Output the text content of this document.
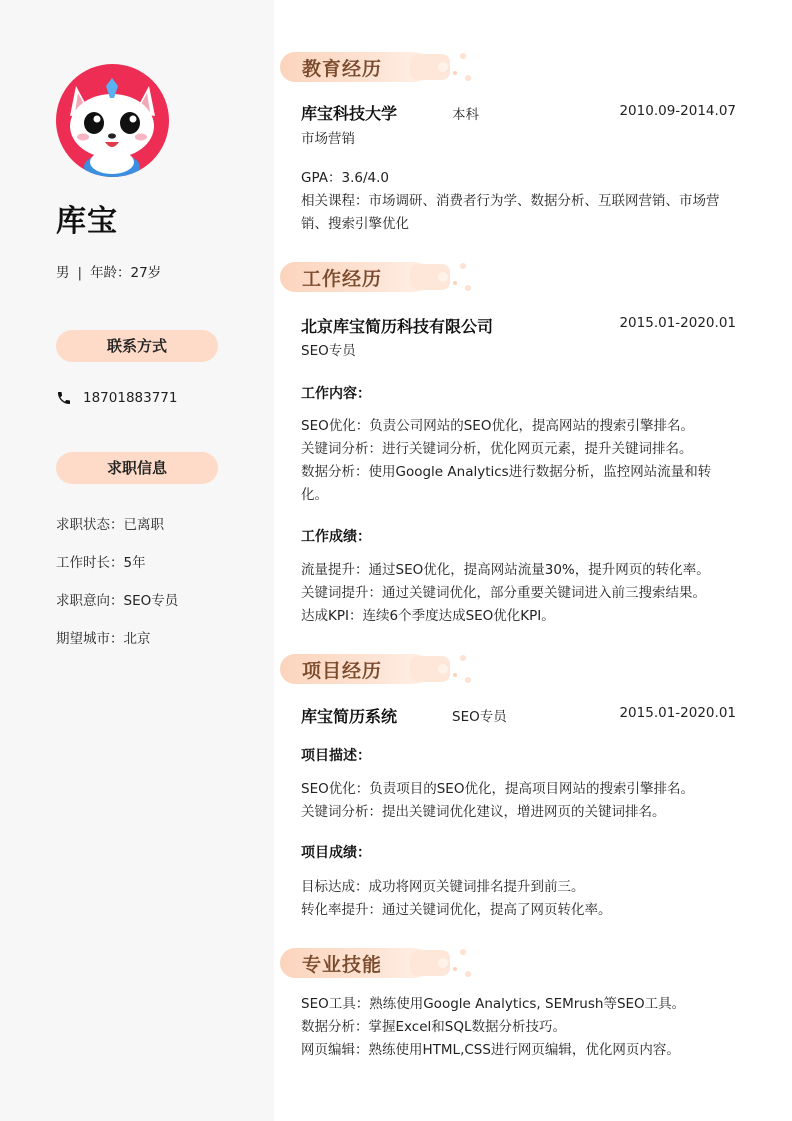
库宝
男 | 年龄：27岁
联系方式
18701883771
求职信息
求职状态：已离职
工作时长：5年
求职意向：SEO专员
期望城市：北京
教育经历
库宝科技大学	本科	2010.09-2014.07
市场营销
GPA：3.6/4.0
相关课程：市场调研、消费者行为学、数据分析、互联网营销、市场营销、搜索引擎优化
工作经历
北京库宝简历科技有限公司	2015.01-2020.01
SEO专员
工作内容：
SEO优化：负责公司网站的SEO优化，提高网站的搜索引擎排名。
关键词分析：进行关键词分析，优化网页元素，提升关键词排名。
数据分析：使用Google Analytics进行数据分析，监控网站流量和转化。
工作成绩：
流量提升：通过SEO优化，提高网站流量30%，提升网页的转化率。
关键词提升：通过关键词优化，部分重要关键词进入前三搜索结果。
达成KPI：连续6个季度达成SEO优化KPI。
项目经历
库宝简历系统	SEO专员	2015.01-2020.01
项目描述：
SEO优化：负责项目的SEO优化，提高项目网站的搜索引擎排名。
关键词分析：提出关键词优化建议，增进网页的关键词排名。
项目成绩：
目标达成：成功将网页关键词排名提升到前三。
转化率提升：通过关键词优化，提高了网页转化率。
专业技能
SEO工具：熟练使用Google Analytics, SEMrush等SEO工具。
数据分析：掌握Excel和SQL数据分析技巧。
网页编辑：熟练使用HTML,CSS进行网页编辑，优化网页内容。
